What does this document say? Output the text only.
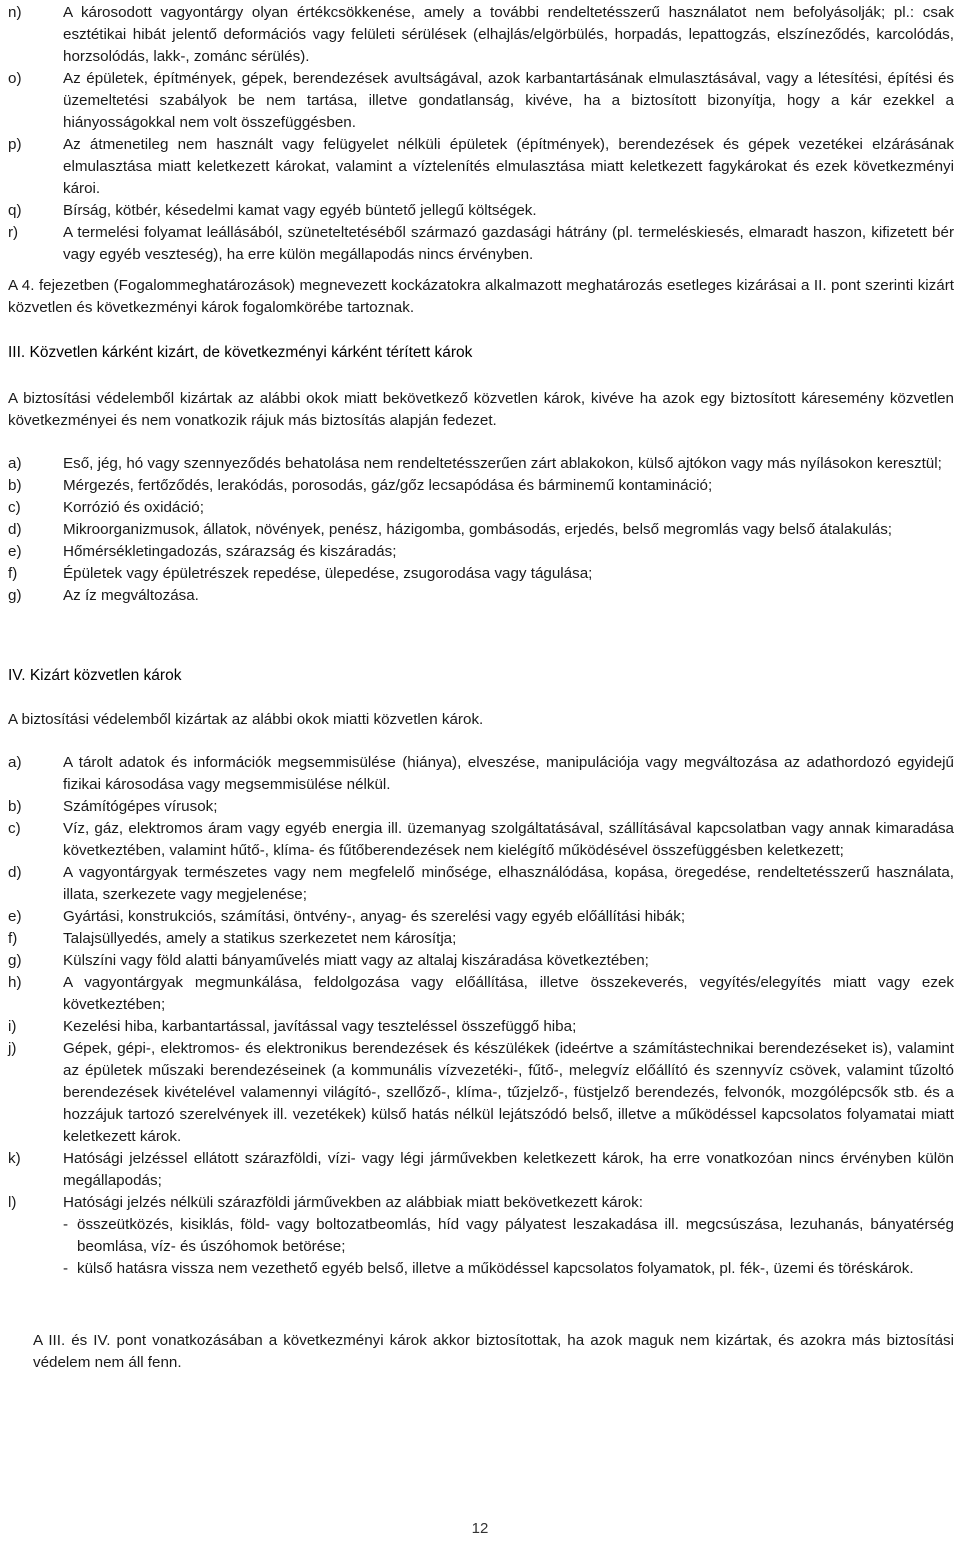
n)	A károsodott vagyontárgy olyan értékcsökkenése, amely a további rendeltetésszerű használatot nem befolyásolják; pl.: csak esztétikai hibát jelentő deformációs vagy felületi sérülések (elhajlás/elgörbülés, horpadás, lepattogzás, elszíneződés, karcolódás, horzsolódás, lakk-, zománc sérülés).
o)	Az épületek, építmények, gépek, berendezések avultságával, azok karbantartásának elmulasztásával, vagy a létesítési, építési és üzemeltetési szabályok be nem tartása, illetve gondatlanság, kivéve, ha a biztosított bizonyítja, hogy a kár ezekkel a hiányosságokkal nem volt összefüggésben.
p)	Az átmenetileg nem használt vagy felügyelet nélküli épületek (építmények), berendezések és gépek vezetékei elzárásának elmulasztása miatt keletkezett károkat, valamint a víztelenítés elmulasztása miatt keletkezett fagykárokat és ezek következményi károi.
q)	Bírság, kötbér, késedelmi kamat vagy egyéb büntető jellegű költségek.
r)	A termelési folyamat leállásából, szüneteltetéséből származó gazdasági hátrány (pl. termeléskiesés, elmaradt haszon, kifizetett bér vagy egyéb veszteség), ha erre külön megállapodás nincs érvényben.
A 4. fejezetben (Fogalommeghatározások) megnevezett kockázatokra alkalmazott meghatározás esetleges kizárásai a II. pont szerinti kizárt közvetlen és következményi károk fogalomkörébe tartoznak.
III. Közvetlen kárként kizárt, de következményi kárként térített károk
A biztosítási védelemből kizártak az alábbi okok miatt bekövetkező közvetlen károk, kivéve ha azok egy biztosított káresemény közvetlen következményei és nem vonatkozik rájuk más biztosítás alapján fedezet.
a)	Eső, jég, hó vagy szennyeződés behatolása nem rendeltetésszerűen zárt ablakokon, külső ajtókon vagy más nyílásokon keresztül;
b)	Mérgezés, fertőződés, lerakódás, porosodás, gáz/gőz lecsapódása és bárminemű kontamináció;
c)	Korrózió és oxidáció;
d)	Mikroorganizmusok, állatok, növények, penész, házigomba, gombásodás, erjedés, belső megromlás vagy belső átalakulás;
e)	Hőmérsékletingadozás, szárazság és kiszáradás;
f)	Épületek vagy épületrészek repedése, ülepedése, zsugorodása vagy tágulása;
g)	Az íz megváltozása.
IV. Kizárt közvetlen károk
A biztosítási védelemből kizártak az alábbi okok miatti közvetlen károk.
a)	A tárolt adatok és információk megsemmisülése (hiánya), elveszése, manipulációja vagy megváltozása az adathordozó egyidejű fizikai károsodása vagy megsemmisülése nélkül.
b)	Számítógépes vírusok;
c)	Víz, gáz, elektromos áram vagy egyéb energia ill. üzemanyag szolgáltatásával, szállításával kapcsolatban vagy annak kimaradása következtében, valamint hűtő-, klíma- és fűtőberendezések nem kielégítő működésével összefüggésben keletkezett;
d)	A vagyontárgyak természetes vagy nem megfelelő minősége, elhasználódása, kopása, öregedése, rendeltetésszerű használata, illata, szerkezete vagy megjelenése;
e)	Gyártási, konstrukciós, számítási, öntvény-, anyag- és szerelési vagy egyéb előállítási hibák;
f)	Talajsüllyedés, amely a statikus szerkezetet nem károsítja;
g)	Külszíni vagy föld alatti bányaművelés miatt vagy az altalaj kiszáradása következtében;
h)	A vagyontárgyak megmunkálása, feldolgozása vagy előállítása, illetve összekeverés, vegyítés/elegyítés miatt vagy ezek következtében;
i)	Kezelési hiba, karbantartással, javítással vagy teszteléssel összefüggő hiba;
j)	Gépek, gépi-, elektromos- és elektronikus berendezések és készülékek (ideértve a számítástechnikai berendezéseket is), valamint az épületek műszaki berendezéseinek (a kommunális vízvezetéki-, fűtő-, melegvíz előállító és szennyvíz csövek, valamint tűzoltó berendezések kivételével valamennyi világító-, szellőző-, klíma-, tűzjelző-, füstjelző berendezés, felvonók, mozgólépcsők stb. és a hozzájuk tartozó szerelvények ill. vezetékek) külső hatás nélkül lejátszódó belső, illetve a működéssel kapcsolatos folyamatai miatt keletkezett károk.
k)	Hatósági jelzéssel ellátott szárazföldi, vízi- vagy légi járművekben keletkezett károk, ha erre vonatkozóan nincs érvényben külön megállapodás;
l)	Hatósági jelzés nélküli szárazföldi járművekben az alábbiak miatt bekövetkezett károk:
- összeütközés, kisiklás, föld- vagy boltozatbeomlás, híd vagy pályatest leszakadása ill. megcsúszása, lezuhanás, bányatérség beomlása, víz- és úszóhomok betörése;
- külső hatásra vissza nem vezethető egyéb belső, illetve a működéssel kapcsolatos folyamatok, pl. fék-, üzemi és töréskárok.
A III. és IV. pont vonatkozásában a következményi károk akkor biztosítottak, ha azok maguk nem kizártak, és azokra más biztosítási védelem nem áll fenn.
12
